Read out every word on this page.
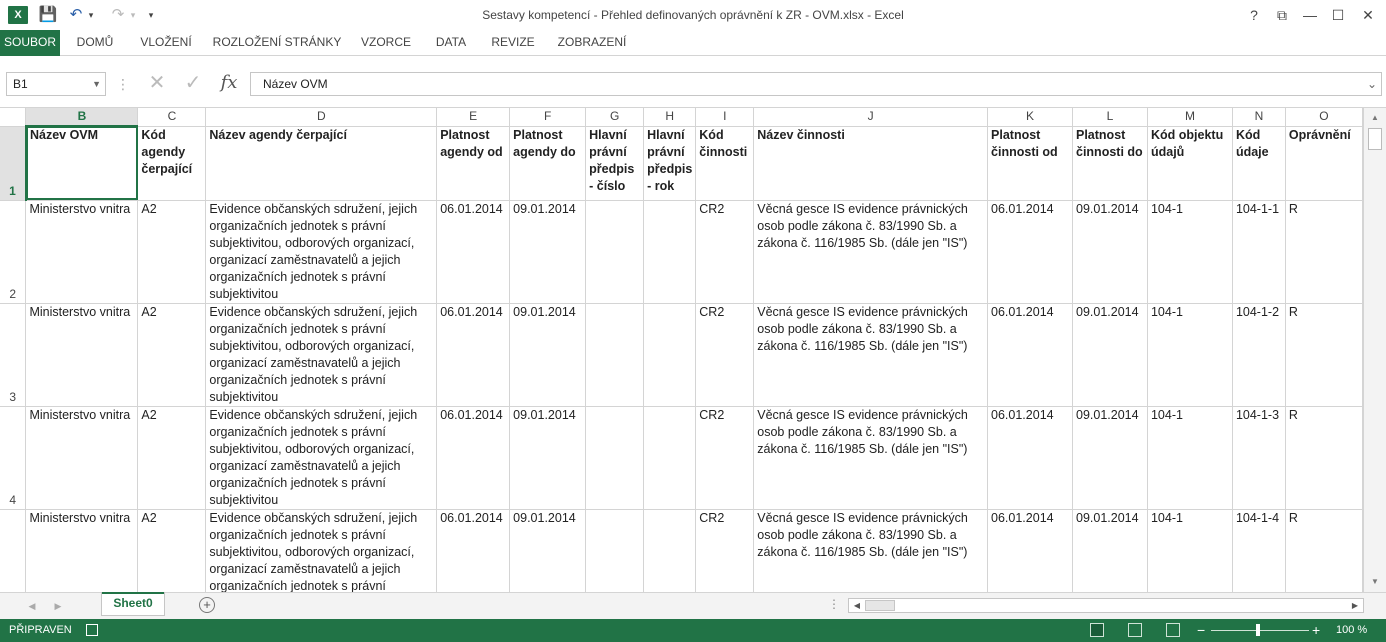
X	💾 ↶ ▾ ↷ ▾	▾	Sestavy kompetencí - Přehled definovaných oprávnění k ZR - OVM.xlsx - Excel	?	⧉	—	☐	✕
SOUBOR	DOMŮ	VLOŽENÍ	ROZLOŽENÍ STRÁNKY	VZORCE	DATA	REVIZE	ZOBRAZENÍ
B1	▼ ⋮ ✕ ✓ fx	Název OVM	⌄
	B	C	D	E	F	G	H	I	J	K	L	M	N	O
1	Název OVM	Kód agendy čerpající	Název agendy čerpající	Platnost agendy od	Platnost agendy do	Hlavní právní předpis - číslo	Hlavní právní předpis - rok	Kód činnosti	Název činnosti	Platnost činnosti od	Platnost činnosti do	Kód objektu údajů	Kód údaje	Oprávnění
2	Ministerstvo vnitra	A2	Evidence občanských sdružení, jejich organizačních jednotek s právní subjektivitou, odborových organizací, organizací zaměstnavatelů a jejich organizačních jednotek s právní subjektivitou	06.01.2014	09.01.2014			CR2	Věcná gesce IS evidence právnických osob podle zákona č. 83/1990 Sb. a zákona č. 116/1985 Sb. (dále jen "IS")	06.01.2014	09.01.2014	104-1	104-1-1	R
3	Ministerstvo vnitra	A2	Evidence občanských sdružení, jejich organizačních jednotek s právní subjektivitou, odborových organizací, organizací zaměstnavatelů a jejich organizačních jednotek s právní subjektivitou	06.01.2014	09.01.2014			CR2	Věcná gesce IS evidence právnických osob podle zákona č. 83/1990 Sb. a zákona č. 116/1985 Sb. (dále jen "IS")	06.01.2014	09.01.2014	104-1	104-1-2	R
4	Ministerstvo vnitra	A2	Evidence občanských sdružení, jejich organizačních jednotek s právní subjektivitou, odborových organizací, organizací zaměstnavatelů a jejich organizačních jednotek s právní subjektivitou	06.01.2014	09.01.2014			CR2	Věcná gesce IS evidence právnických osob podle zákona č. 83/1990 Sb. a zákona č. 116/1985 Sb. (dále jen "IS")	06.01.2014	09.01.2014	104-1	104-1-3	R
	Ministerstvo vnitra	A2	Evidence občanských sdružení, jejich organizačních jednotek s právní subjektivitou, odborových organizací, organizací zaměstnavatelů a jejich organizačních jednotek s právní	06.01.2014	09.01.2014			CR2	Věcná gesce IS evidence právnických osob podle zákona č. 83/1990 Sb. a zákona č. 116/1985 Sb. (dále jen "IS")	06.01.2014	09.01.2014	104-1	104-1-4	R
▲
▼
◀	▶	Sheet0	+	⋮	◀	▶
PŘIPRAVEN	−	+ 100 %
